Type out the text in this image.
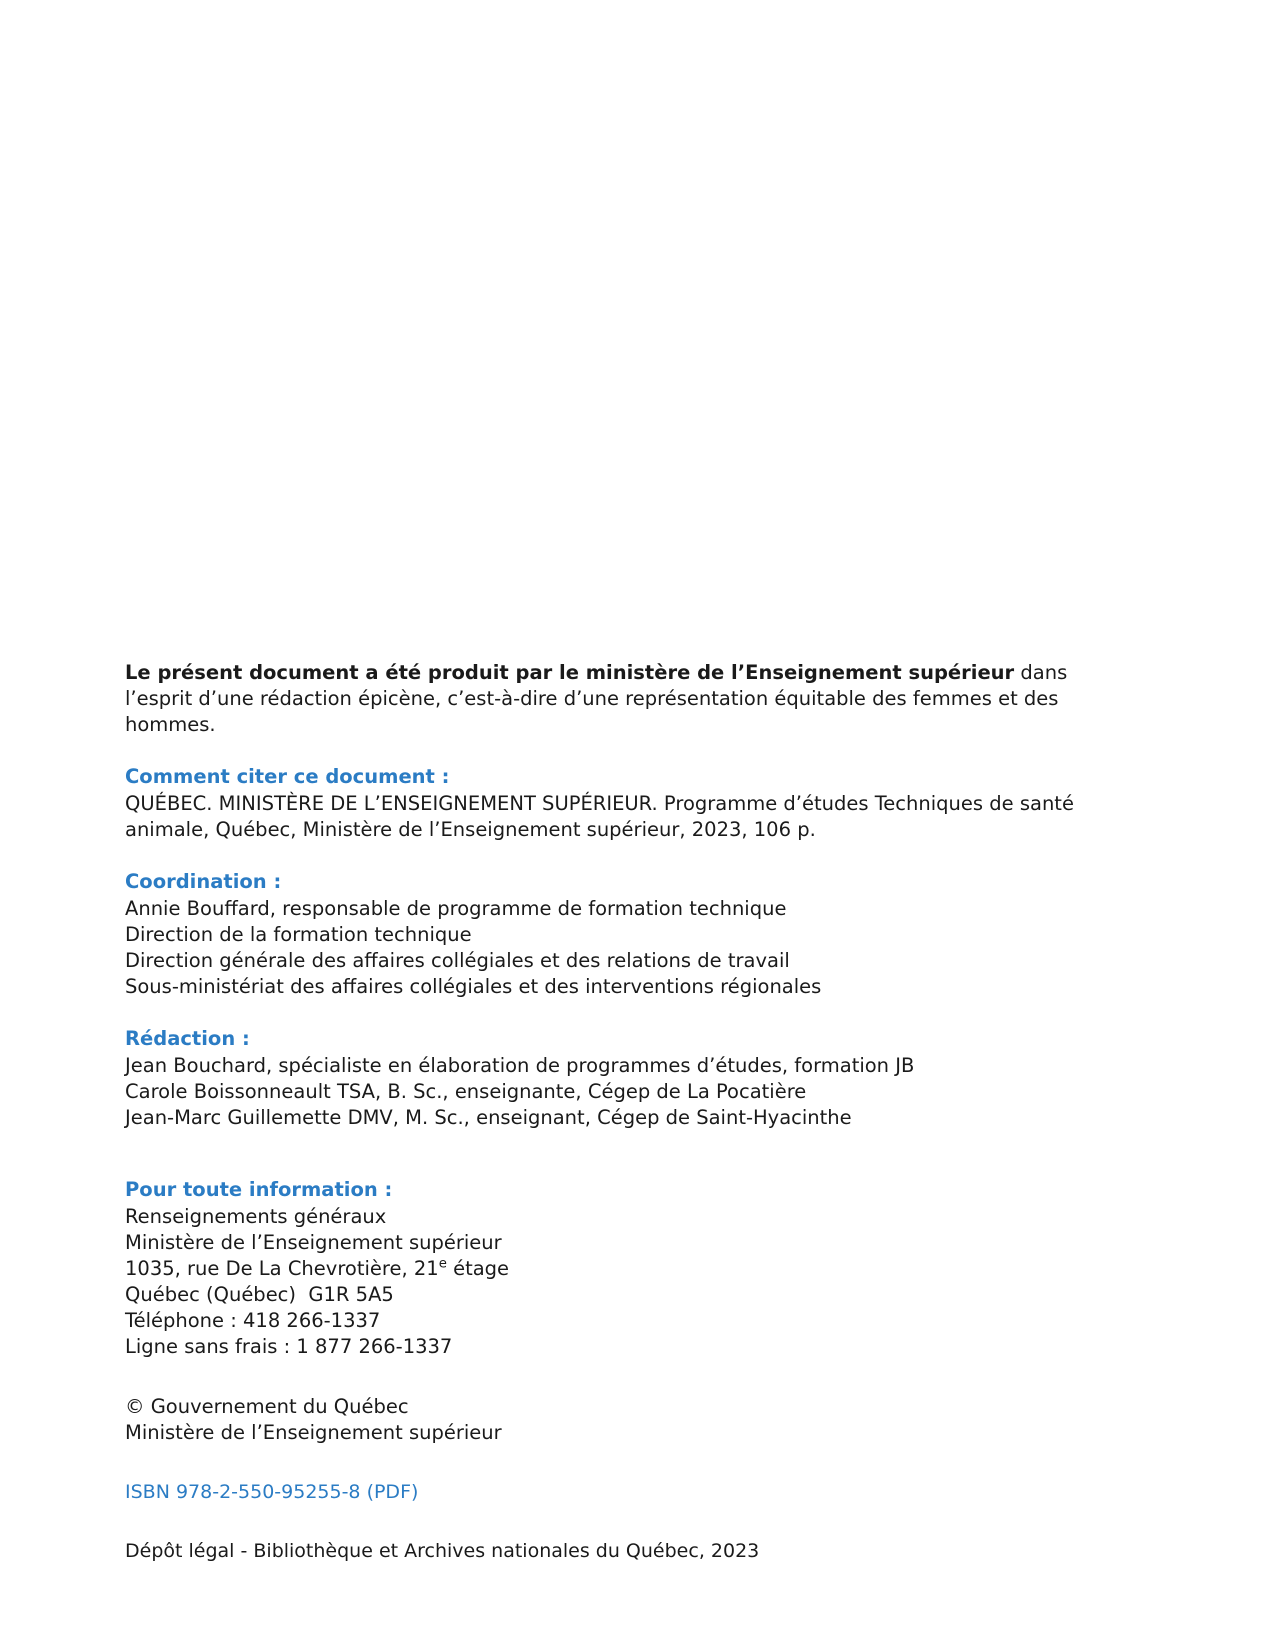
Le présent document a été produit par le ministère de l’Enseignement supérieur dans l’esprit d’une rédaction épicène, c’est-à-dire d’une représentation équitable des femmes et des hommes.

Comment citer ce document :

QUÉBEC. MINISTÈRE DE L’ENSEIGNEMENT SUPÉRIEUR. Programme d’études Techniques de santé animale, Québec, Ministère de l’Enseignement supérieur, 2023, 106 p.

Coordination :

Annie Bouffard, responsable de programme de formation technique

Direction de la formation technique

Direction générale des affaires collégiales et des relations de travail

Sous-ministériat des affaires collégiales et des interventions régionales

Rédaction :

Jean Bouchard, spécialiste en élaboration de programmes d’études, formation JB

Carole Boissonneault TSA, B. Sc., enseignante, Cégep de La Pocatière

Jean-Marc Guillemette DMV, M. Sc., enseignant, Cégep de Saint-Hyacinthe

Pour toute information :

Renseignements généraux

Ministère de l’Enseignement supérieur

1035, rue De La Chevrotière, 21e étage

Québec (Québec)  G1R 5A5

Téléphone : 418 266-1337

Ligne sans frais : 1 877 266-1337

© Gouvernement du Québec

Ministère de l’Enseignement supérieur

ISBN 978-2-550-95255-8 (PDF)

Dépôt légal - Bibliothèque et Archives nationales du Québec, 2023
